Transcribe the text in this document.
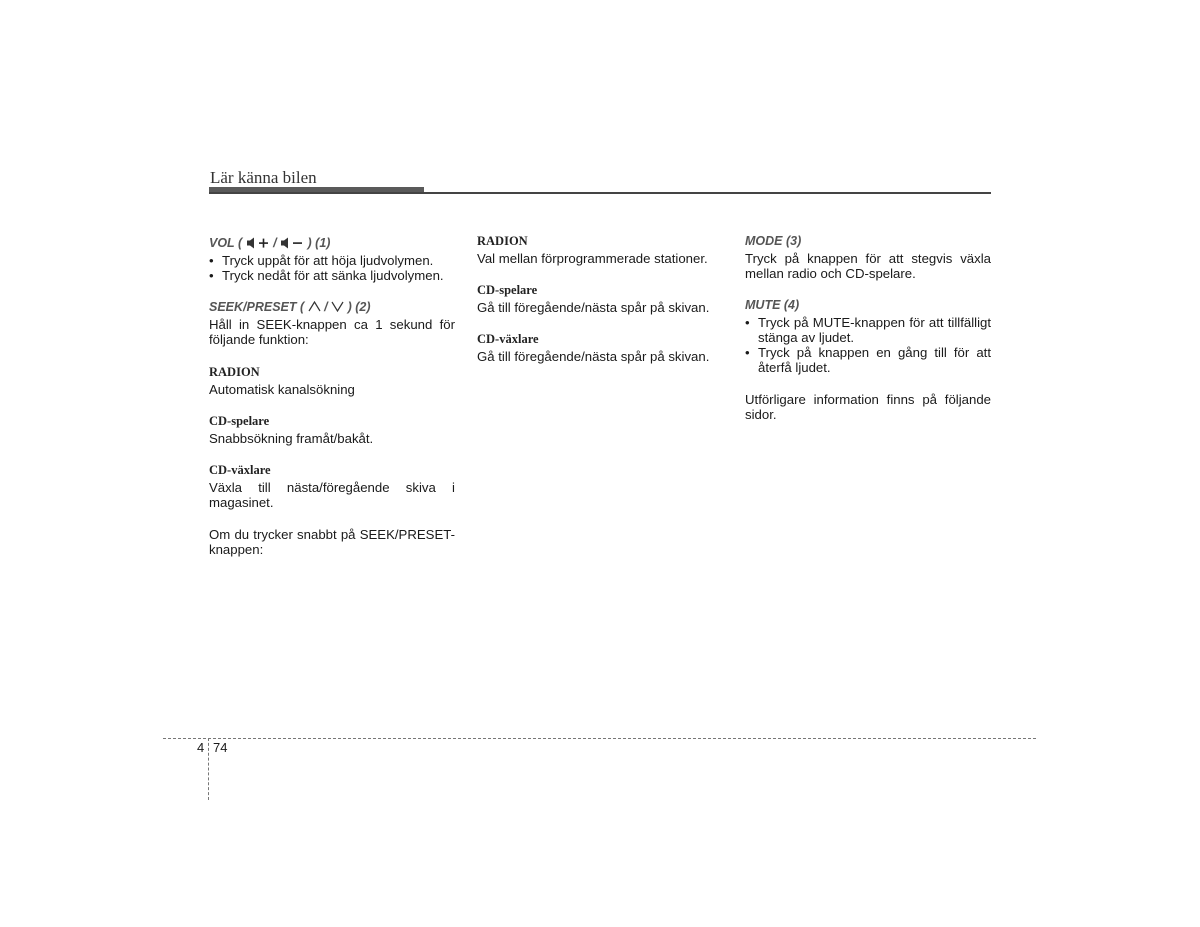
Lär känna bilen
VOL ( / ) (1)
• Tryck uppåt för att höja ljudvolymen.
• Tryck nedåt för att sänka ljudvolymen.
SEEK/PRESET ( / ) (2)
Håll in SEEK-knappen ca 1 sekund för följande funktion:
RADION
Automatisk kanalsökning
CD-spelare
Snabbsökning framåt/bakåt.
CD-växlare
Växla till nästa/föregående skiva i magasinet.
Om du trycker snabbt på SEEK/PRESET-knappen:
RADION
Val mellan förprogrammerade stationer.
CD-spelare
Gå till föregående/nästa spår på skivan.
CD-växlare
Gå till föregående/nästa spår på skivan.
MODE (3)
Tryck på knappen för att stegvis växla mellan radio och CD-spelare.
MUTE (4)
• Tryck på MUTE-knappen för att tillfälligt stänga av ljudet.
• Tryck på knappen en gång till för att återfå ljudet.
Utförligare information finns på följande sidor.
4 74
